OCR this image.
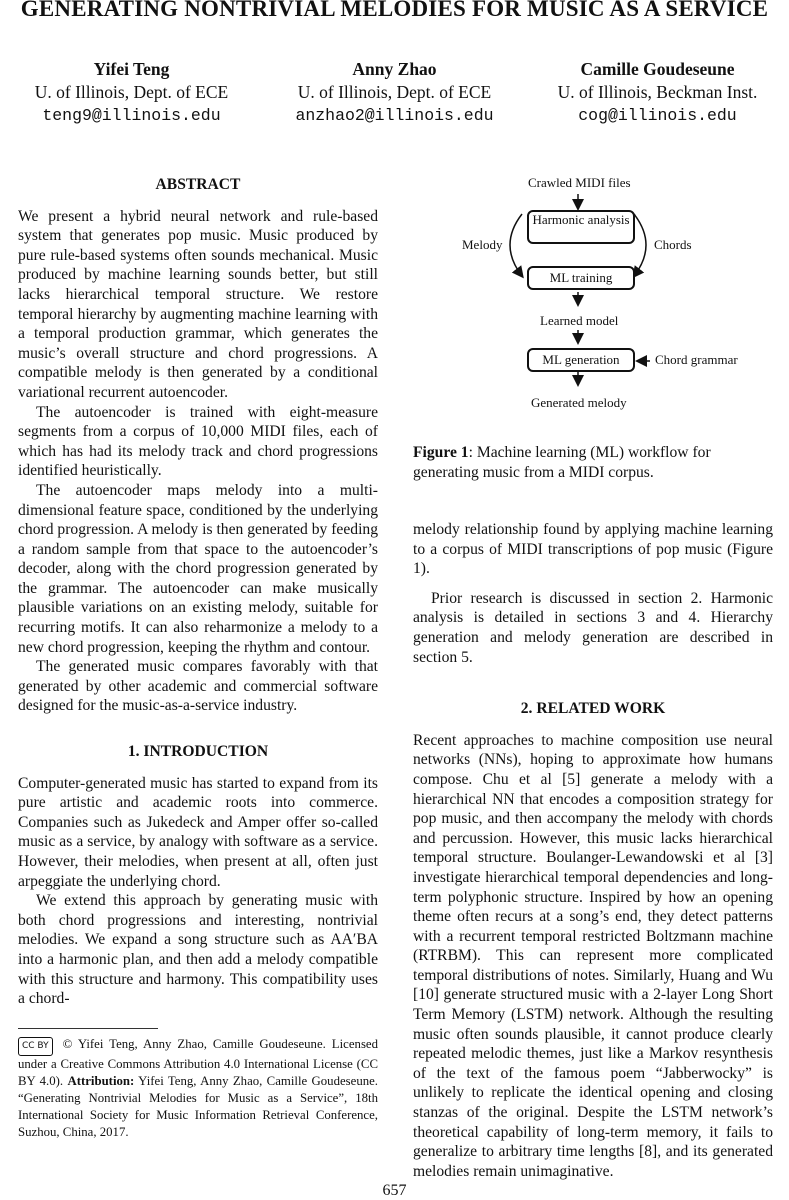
GENERATING NONTRIVIAL MELODIES FOR MUSIC AS A SERVICE
Yifei Teng
U. of Illinois, Dept. of ECE
teng9@illinois.edu
Anny Zhao
U. of Illinois, Dept. of ECE
anzhao2@illinois.edu
Camille Goudeseune
U. of Illinois, Beckman Inst.
cog@illinois.edu
ABSTRACT

We present a hybrid neural network and rule-based system that generates pop music. Music produced by pure rule-based systems often sounds mechanical. Music produced by machine learning sounds better, but still lacks hierarchical temporal structure. We restore temporal hierarchy by augmenting machine learning with a temporal production grammar, which generates the music’s overall structure and chord progressions. A compatible melody is then generated by a conditional variational recurrent autoencoder.

The autoencoder is trained with eight-measure segments from a corpus of 10,000 MIDI files, each of which has had its melody track and chord progressions identified heuristically.

The autoencoder maps melody into a multi-dimensional feature space, conditioned by the underlying chord progression. A melody is then generated by feeding a random sample from that space to the autoencoder’s decoder, along with the chord progression generated by the grammar. The autoencoder can make musically plausible variations on an existing melody, suitable for recurring motifs. It can also reharmonize a melody to a new chord progression, keeping the rhythm and contour.

The generated music compares favorably with that generated by other academic and commercial software designed for the music-as-a-service industry.

1. INTRODUCTION

Computer-generated music has started to expand from its pure artistic and academic roots into commerce. Companies such as Jukedeck and Amper offer so-called music as a service, by analogy with software as a service. However, their melodies, when present at all, often just arpeggiate the underlying chord.

We extend this approach by generating music with both chord progressions and interesting, nontrivial melodies. We expand a song structure such as AA′BA into a harmonic plan, and then add a melody compatible with this structure and harmony. This compatibility uses a chord-

CC BY © Yifei Teng, Anny Zhao, Camille Goudeseune. Licensed under a Creative Commons Attribution 4.0 International License (CC BY 4.0). Attribution: Yifei Teng, Anny Zhao, Camille Goudeseune. “Generating Nontrivial Melodies for Music as a Service”, 18th International Society for Music Information Retrieval Conference, Suzhou, China, 2017.
Crawled MIDI files
Harmonic analysis
Melody	Chords
ML training
Learned model
ML generation	Chord grammar
Generated melody
Figure 1: Machine learning (ML) workflow for generating music from a MIDI corpus.

melody relationship found by applying machine learning to a corpus of MIDI transcriptions of pop music (Figure 1).

Prior research is discussed in section 2. Harmonic analysis is detailed in sections 3 and 4. Hierarchy generation and melody generation are described in section 5.

2. RELATED WORK

Recent approaches to machine composition use neural networks (NNs), hoping to approximate how humans compose. Chu et al [5] generate a melody with a hierarchical NN that encodes a composition strategy for pop music, and then accompany the melody with chords and percussion. However, this music lacks hierarchical temporal structure. Boulanger-Lewandowski et al [3] investigate hierarchical temporal dependencies and long-term polyphonic structure. Inspired by how an opening theme often recurs at a song’s end, they detect patterns with a recurrent temporal restricted Boltzmann machine (RTRBM). This can represent more complicated temporal distributions of notes. Similarly, Huang and Wu [10] generate structured music with a 2-layer Long Short Term Memory (LSTM) network. Although the resulting music often sounds plausible, it cannot produce clearly repeated melodic themes, just like a Markov resynthesis of the text of the famous poem “Jabberwocky” is unlikely to replicate the identical opening and closing stanzas of the original. Despite the LSTM network’s theoretical capability of long-term memory, it fails to generalize to arbitrary time lengths [8], and its generated melodies remain unimaginative.

657
